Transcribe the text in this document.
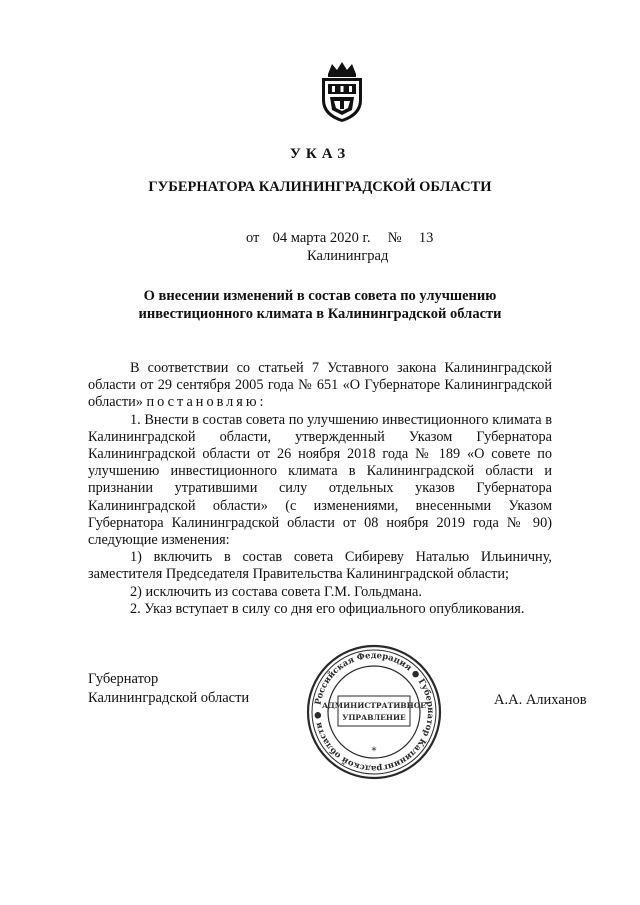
УКАЗ
ГУБЕРНАТОРА КАЛИНИНГРАДСКОЙ ОБЛАСТИ
от 04 марта 2020 г. № 13
Калининград
О внесении изменений в состав совета по улучшению
инвестиционного климата в Калининградской области

В соответствии со статьей 7 Уставного закона Калининградской области от 29 сентября 2005 года № 651 «О Губернаторе Калининградской области» постановляю:

1. Внести в состав совета по улучшению инвестиционного климата в Калининградской области, утвержденный Указом Губернатора Калининградской области от 26 ноября 2018 года № 189 «О совете по улучшению инвестиционного климата в Калининградской области и признании утратившими силу отдельных указов Губернатора Калининградской области» (с изменениями, внесенными Указом Губернатора Калининградской области от 08 ноября 2019 года № 90) следующие изменения:

1) включить в состав совета Сибиреву Наталью Ильиничну, заместителя Председателя Правительства Калининградской области;

2) исключить из состава совета Г.М. Гольдмана.

2. Указ вступает в силу со дня его официального опубликования.

Губернатор
Калининградской области	Российская Федерация ● Губернатор Калининградской области ●
АДМИНИСТРАТИВНОЕ
УПРАВЛЕНИЕ
*
А.А. Алиханов
